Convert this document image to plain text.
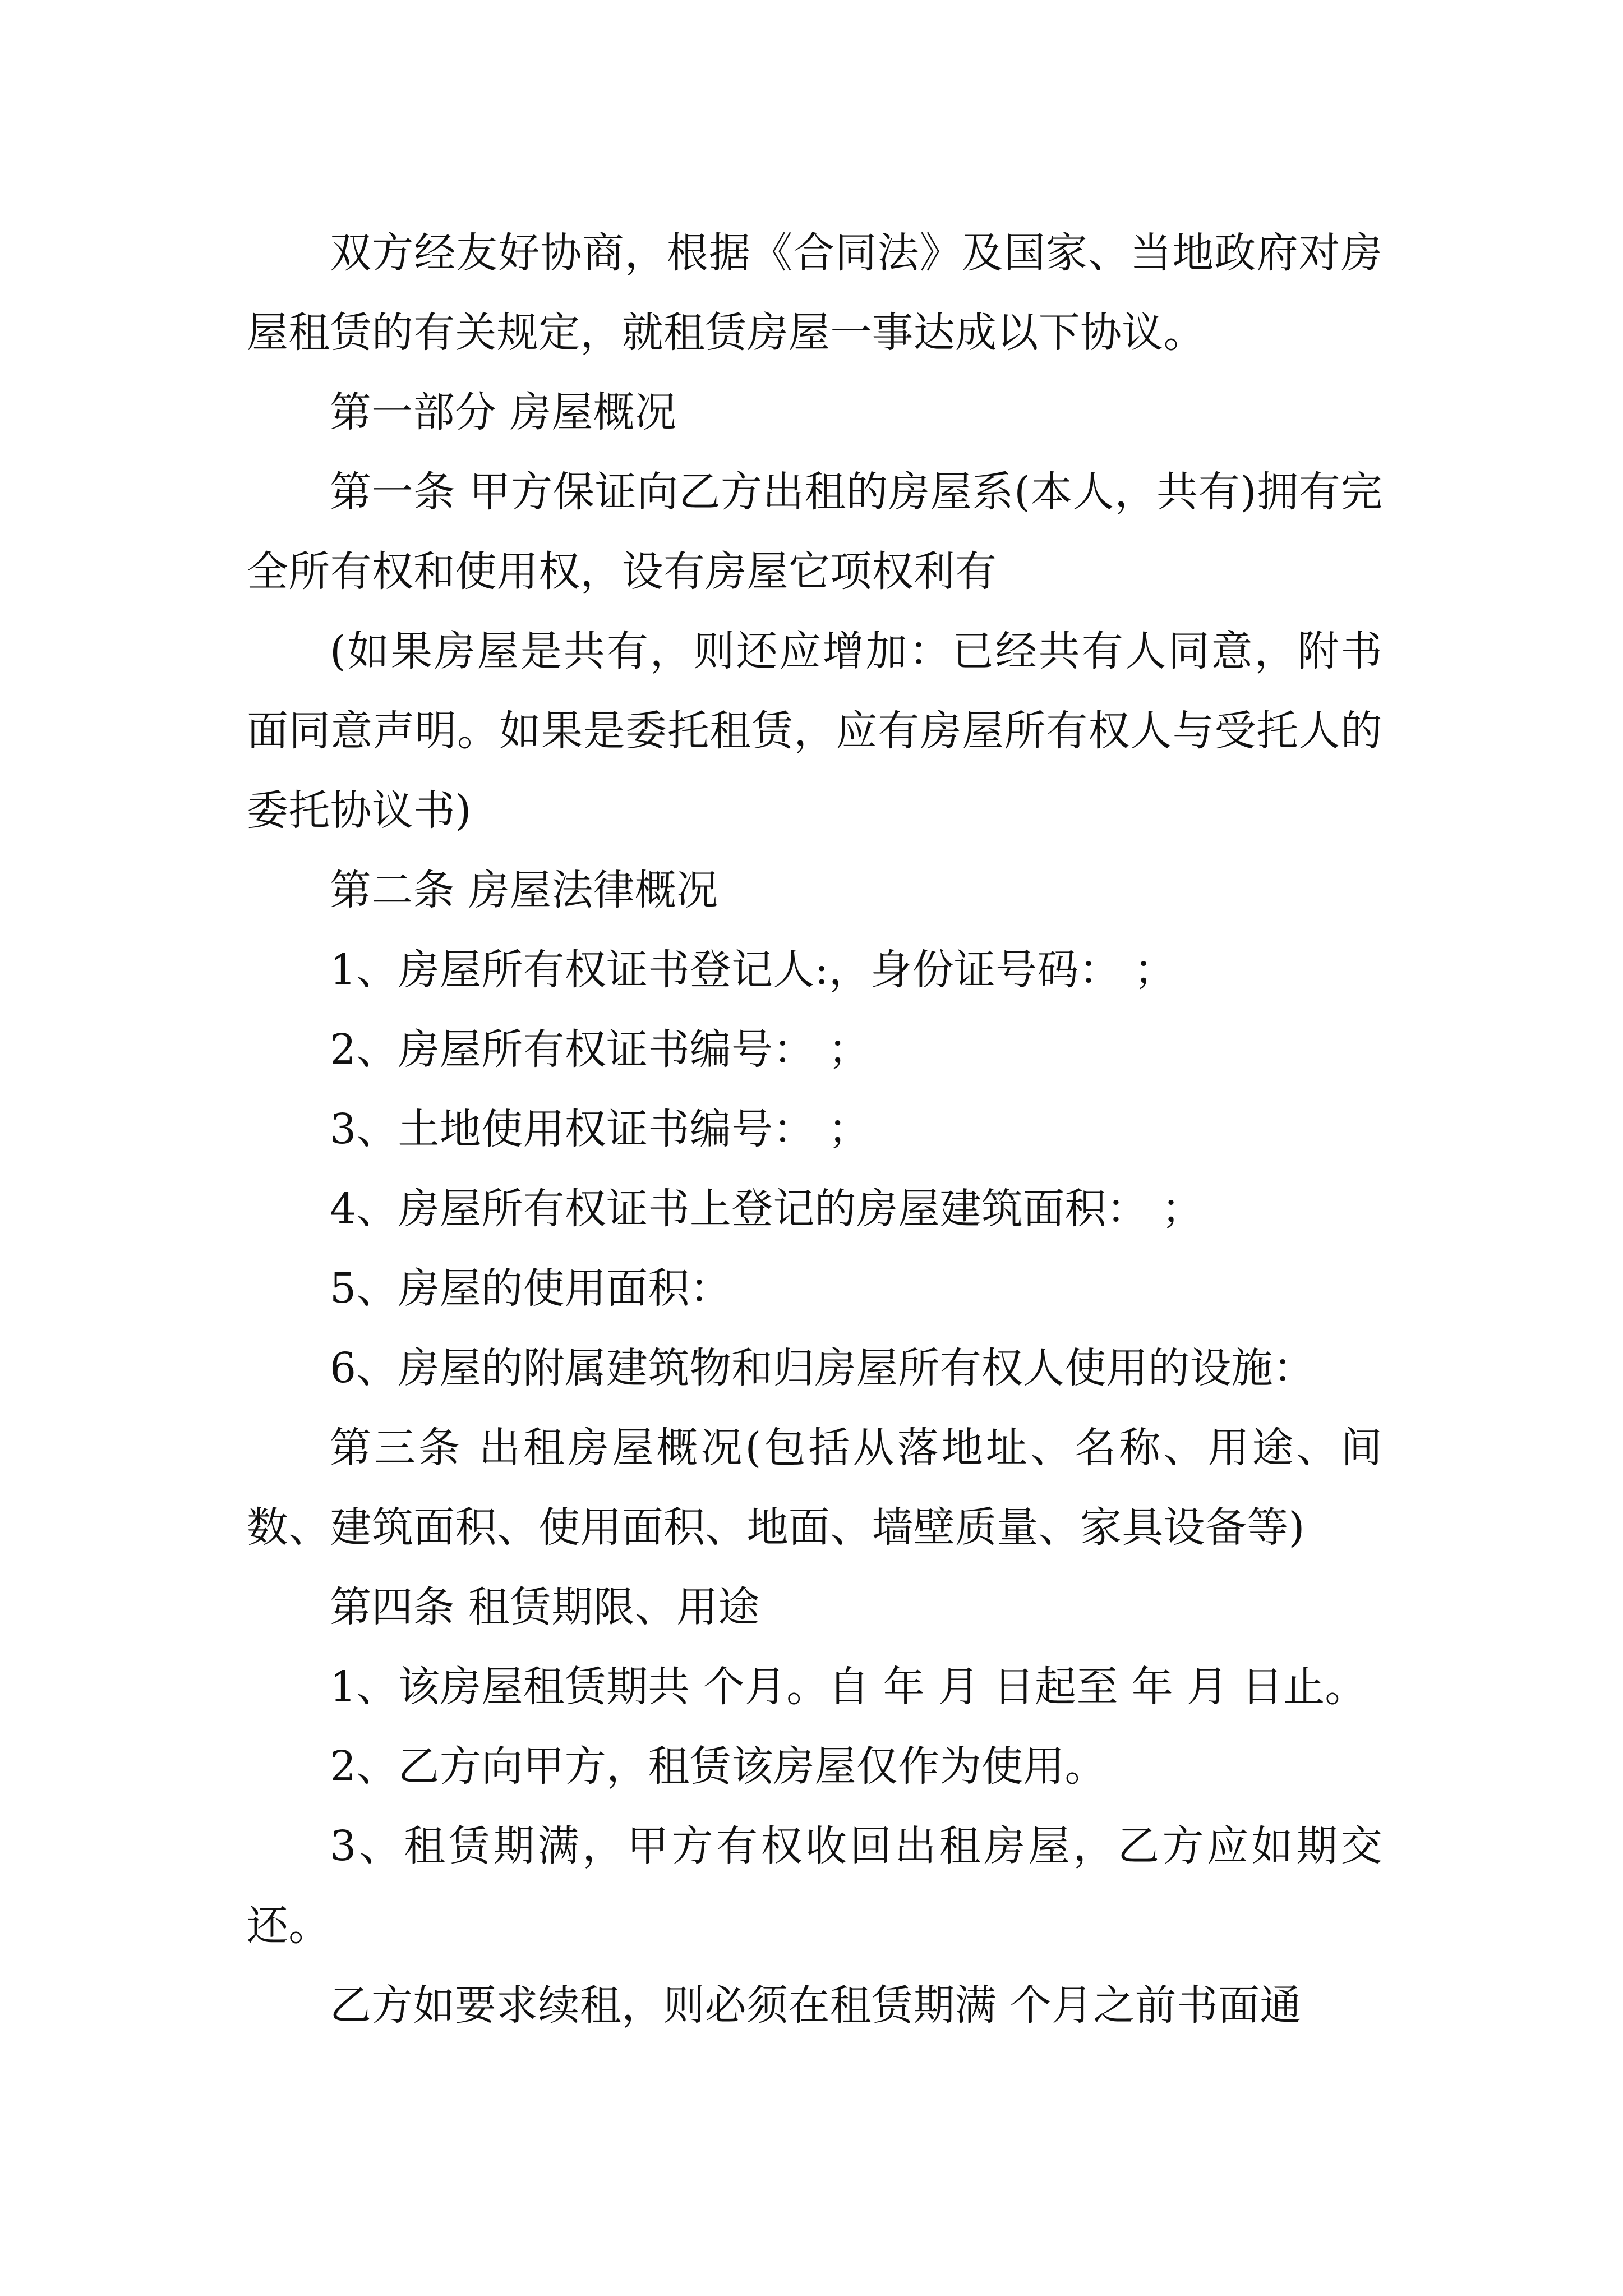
双方经友好协商，根据《合同法》及国家、当地政府对房屋租赁的有关规定，就租赁房屋一事达成以下协议。

第一部分 房屋概况

第一条 甲方保证向乙方出租的房屋系(本人，共有)拥有完全所有权和使用权，设有房屋它项权利有

(如果房屋是共有，则还应增加：已经共有人同意，附书面同意声明。如果是委托租赁，应有房屋所有权人与受托人的委托协议书)

第二条 房屋法律概况

1、房屋所有权证书登记人:，身份证号码： ；

2、房屋所有权证书编号： ；

3、土地使用权证书编号： ；

4、房屋所有权证书上登记的房屋建筑面积： ；

5、房屋的使用面积：

6、房屋的附属建筑物和归房屋所有权人使用的设施：

第三条 出租房屋概况(包括从落地址、名称、用途、间数、建筑面积、使用面积、地面、墙壁质量、家具设备等)

第四条 租赁期限、用途

1、该房屋租赁期共 个月。自 年 月 日起至 年 月 日止。

2、乙方向甲方，租赁该房屋仅作为使用。

3、租赁期满，甲方有权收回出租房屋，乙方应如期交还。

乙方如要求续租，则必须在租赁期满 个月之前书面通
